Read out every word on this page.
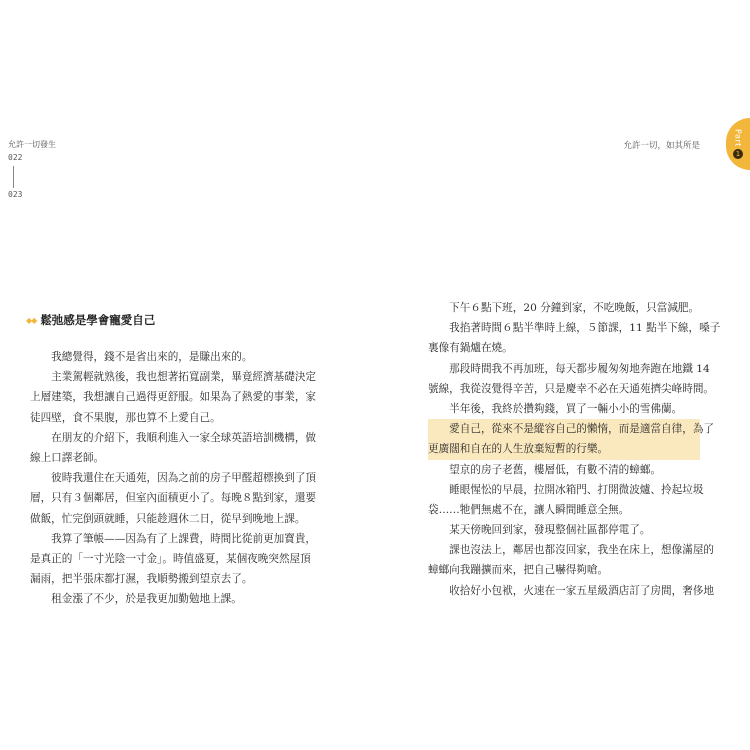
允許一切發生
022
023
◆◆ 鬆弛感是學會寵愛自己
　　我總覺得，錢不是省出來的，是賺出來的。
　　主業駕輕就熟後，我也想著拓寬副業，畢竟經濟基礎決定
上層建築，我想讓自己過得更舒服。如果為了熱愛的事業，家
徒四壁，食不果腹，那也算不上愛自己。
　　在朋友的介紹下，我順利進入一家全球英語培訓機構，做
線上口譯老師。
　　彼時我還住在天通苑，因為之前的房子甲醛超標換到了頂
層，只有３個鄰居，但室內面積更小了。每晚８點到家，還要
做飯，忙完倒頭就睡，只能趁週休二日，從早到晚地上課。
　　我算了筆帳——因為有了上課費，時間比從前更加寶貴，
是真正的「一寸光陰一寸金」。時值盛夏，某個夜晚突然屋頂
漏雨，把半張床都打濕，我順勢搬到望京去了。
　　租金漲了不少，於是我更加勤勉地上課。
允許一切，如其所是	Part
1
　　下午６點下班，20 分鐘到家，不吃晚飯，只當減肥。
　　我掐著時間６點半準時上線，５節課，11 點半下線，嗓子
裏像有鍋爐在燒。
　　那段時間我不再加班，每天都步履匆匆地奔跑在地鐵 14
號線，我從沒覺得辛苦，只是慶幸不必在天通苑擠尖峰時間。
　　半年後，我終於攢夠錢，買了一輛小小的雪佛蘭。
　　愛自己，從來不是縱容自己的懶惰，而是適當自律，為了
更廣闊和自在的人生放棄短暫的行樂。
　　望京的房子老舊，樓層低，有數不清的蟑螂。
　　睡眼惺忪的早晨，拉開冰箱門、打開微波爐、拎起垃圾
袋……牠們無處不在，讓人瞬間睡意全無。
　　某天傍晚回到家，發現整個社區都停電了。
　　課也沒法上，鄰居也都沒回家，我坐在床上，想像滿屋的
蟑螂向我蹦擴而來，把自己嚇得夠嗆。
　　收拾好小包袱，火速在一家五星級酒店訂了房間，奢侈地
